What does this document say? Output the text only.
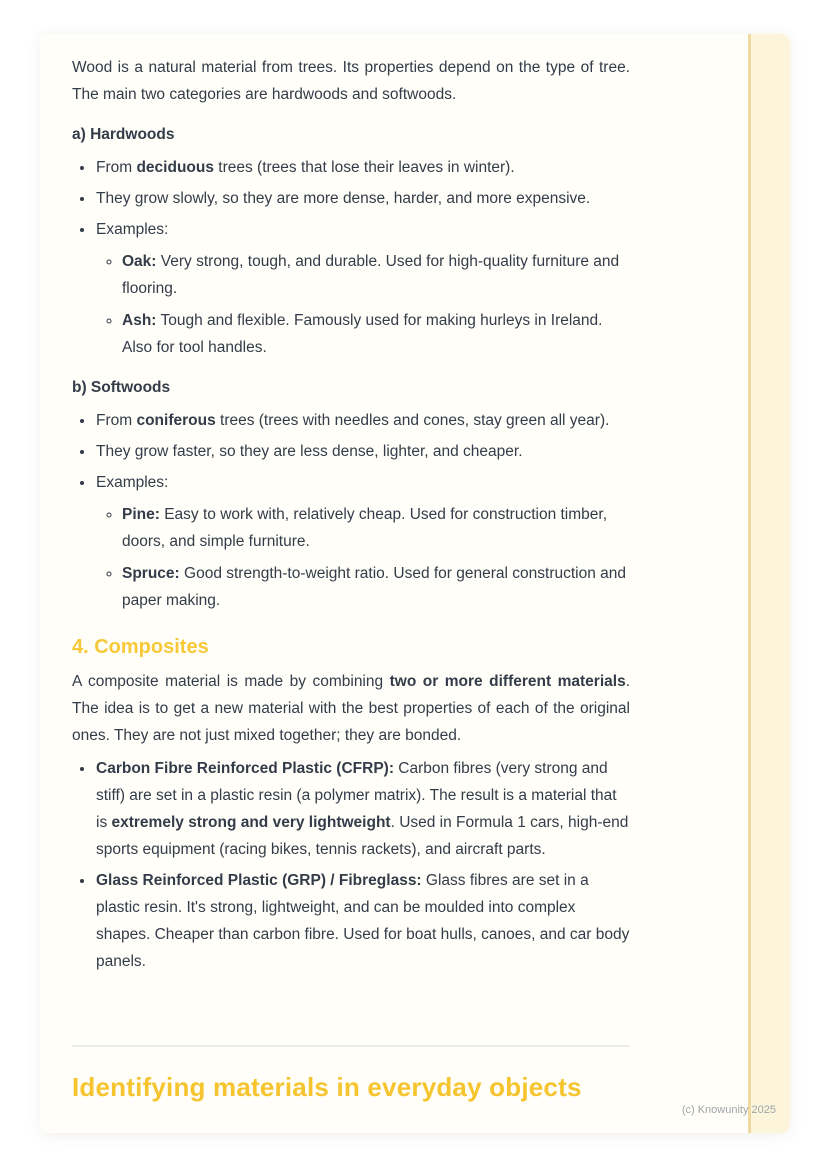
Wood is a natural material from trees. Its properties depend on the type of tree. The main two categories are hardwoods and softwoods.

a) Hardwoods
• From deciduous trees (trees that lose their leaves in winter).
• They grow slowly, so they are more dense, harder, and more expensive.
• Examples:
◦ Oak: Very strong, tough, and durable. Used for high-quality furniture and flooring.
◦ Ash: Tough and flexible. Famously used for making hurleys in Ireland. Also for tool handles.
b) Softwoods
• From coniferous trees (trees with needles and cones, stay green all year).
• They grow faster, so they are less dense, lighter, and cheaper.
• Examples:
◦ Pine: Easy to work with, relatively cheap. Used for construction timber, doors, and simple furniture.
◦ Spruce: Good strength-to-weight ratio. Used for general construction and paper making.
4. Composites

A composite material is made by combining two or more different materials. The idea is to get a new material with the best properties of each of the original ones. They are not just mixed together; they are bonded.

• Carbon Fibre Reinforced Plastic (CFRP): Carbon fibres (very strong and stiff) are set in a plastic resin (a polymer matrix). The result is a material that is extremely strong and very lightweight. Used in Formula 1 cars, high-end sports equipment (racing bikes, tennis rackets), and aircraft parts.
• Glass Reinforced Plastic (GRP) / Fibreglass: Glass fibres are set in a plastic resin. It's strong, lightweight, and can be moulded into complex shapes. Cheaper than carbon fibre. Used for boat hulls, canoes, and car body panels.
Identifying materials in everyday objects
(c) Knowunity 2025
